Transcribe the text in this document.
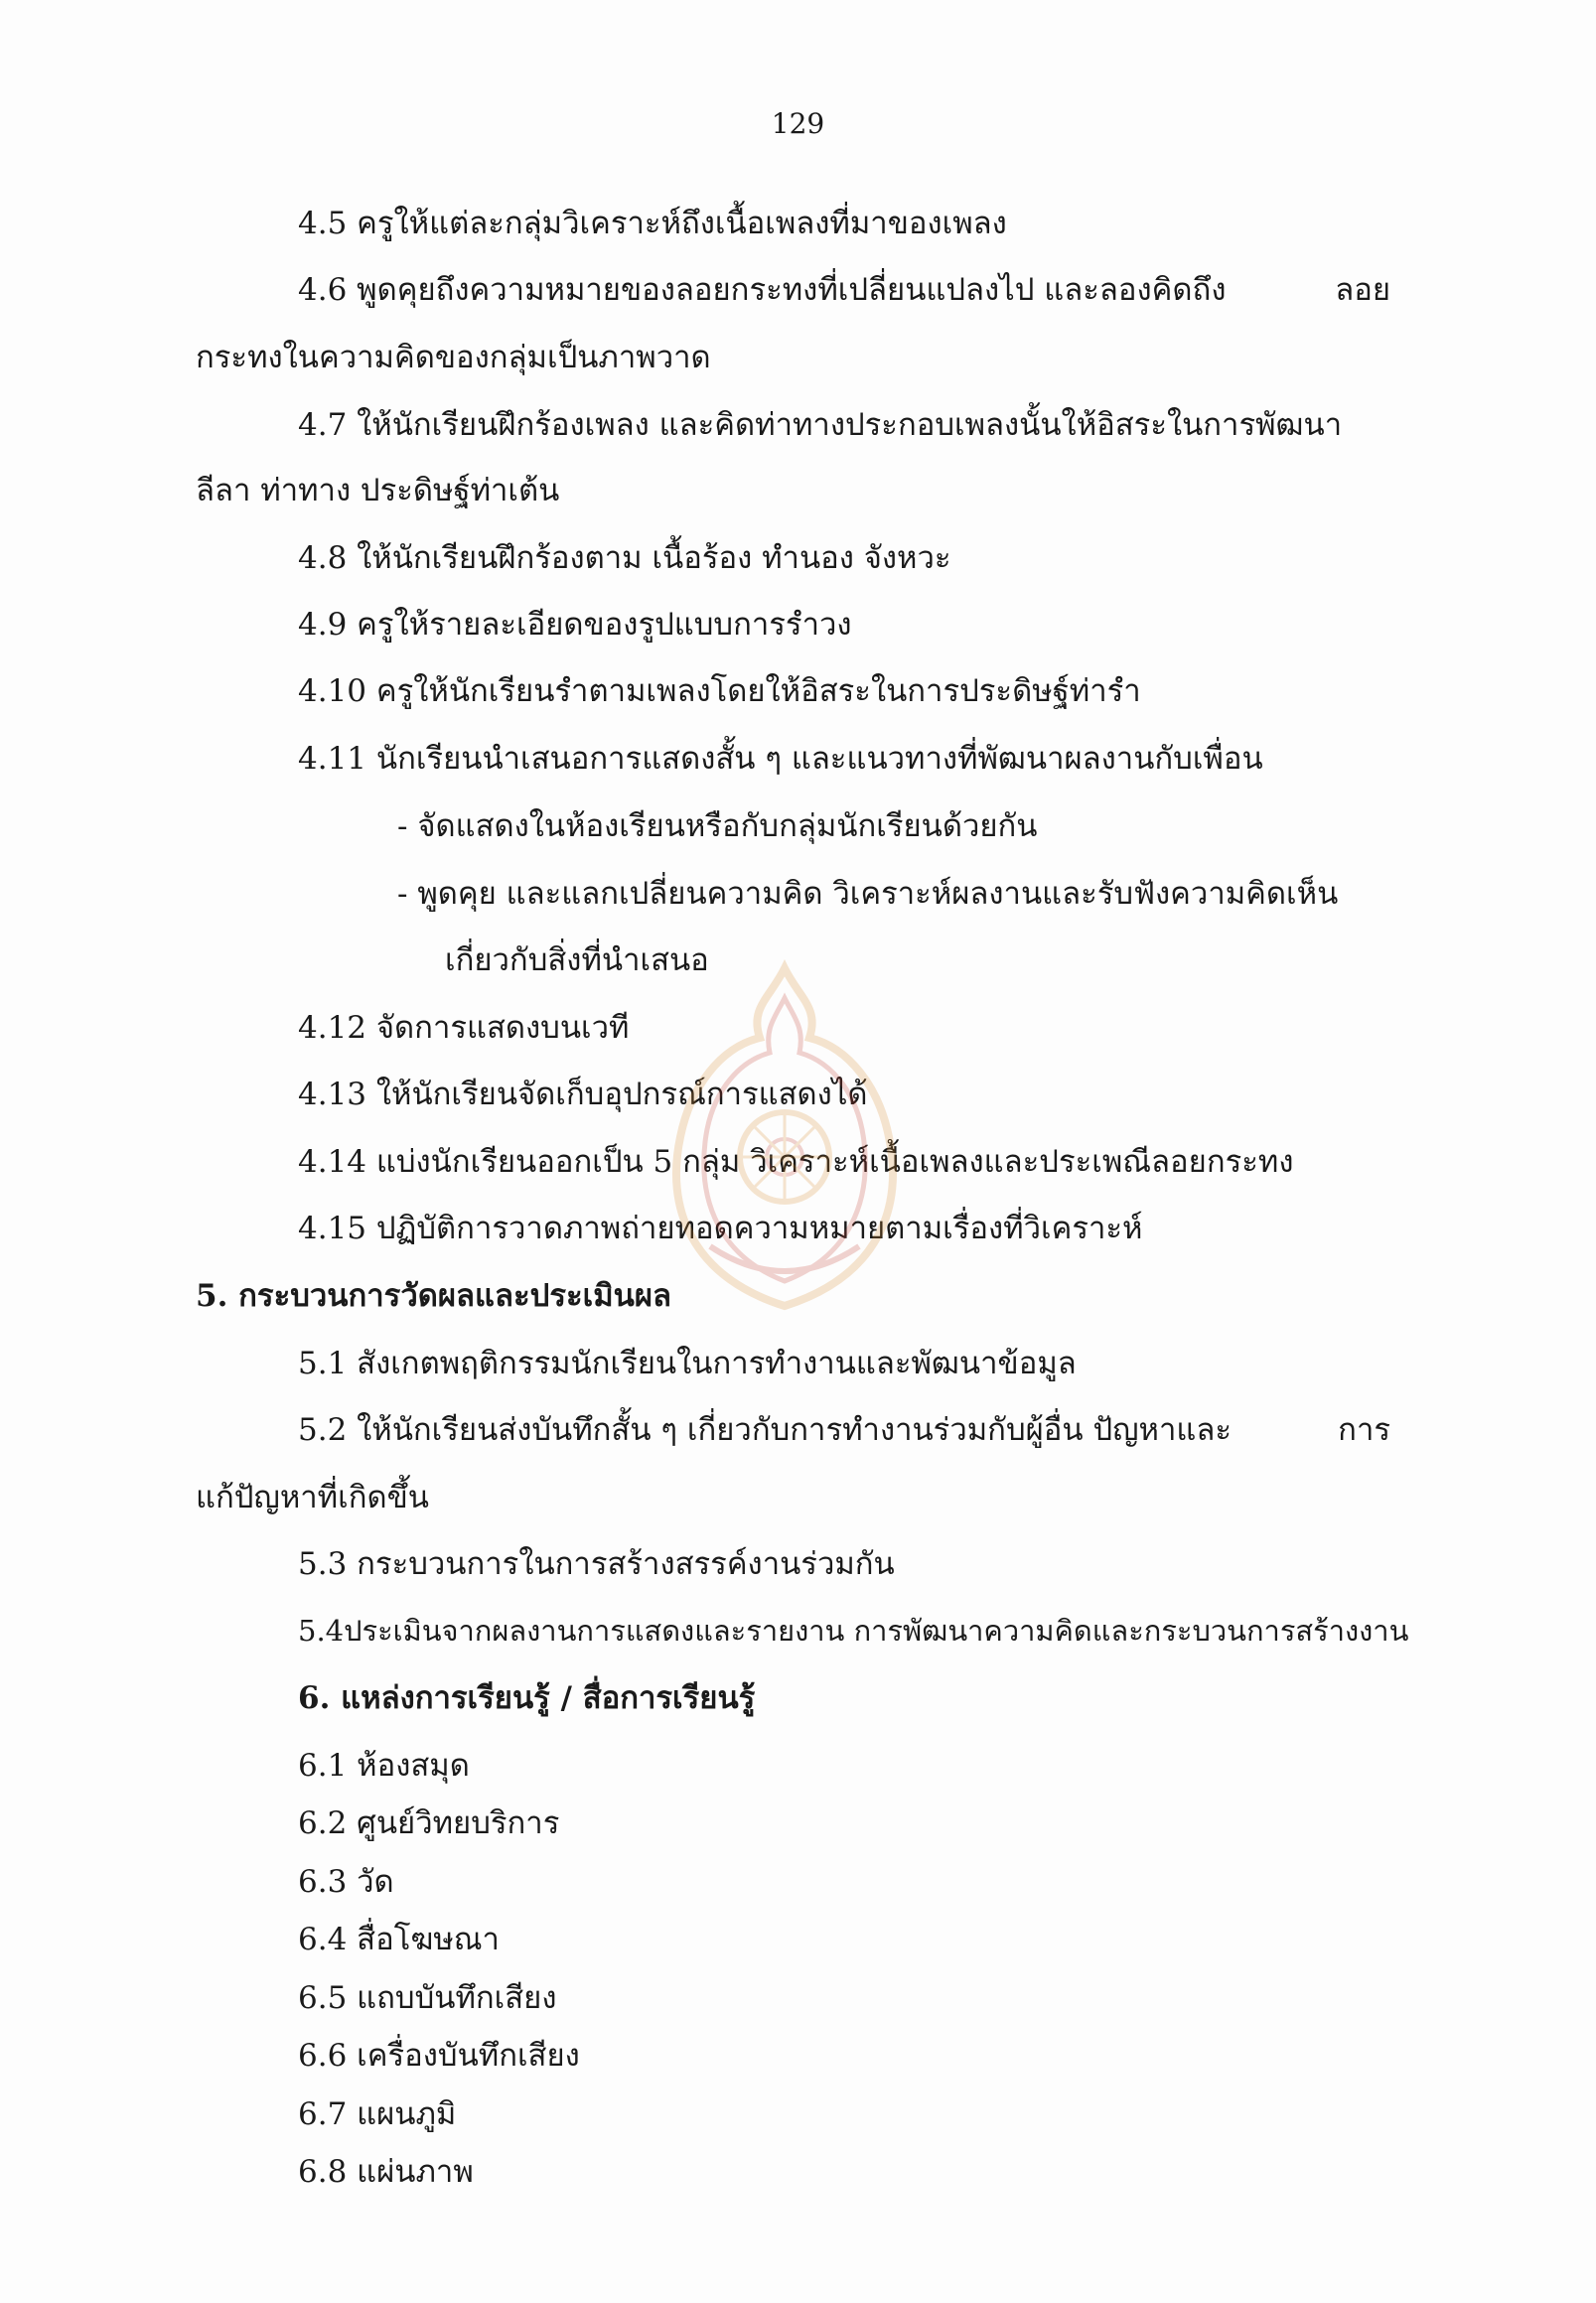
129
4.5 ครูให้แต่ละกลุ่มวิเคราะห์ถึงเนื้อเพลงที่มาของเพลง
4.6 พูดคุยถึงความหมายของลอยกระทงที่เปลี่ยนแปลงไป และลองคิดถึง	ลอย
กระทงในความคิดของกลุ่มเป็นภาพวาด
4.7 ให้นักเรียนฝึกร้องเพลง และคิดท่าทางประกอบเพลงนั้นให้อิสระในการพัฒนา
ลีลา ท่าทาง ประดิษฐ์ท่าเต้น
4.8 ให้นักเรียนฝึกร้องตาม เนื้อร้อง ทำนอง จังหวะ
4.9 ครูให้รายละเอียดของรูปแบบการรำวง
4.10 ครูให้นักเรียนรำตามเพลงโดยให้อิสระในการประดิษฐ์ท่ารำ
4.11 นักเรียนนำเสนอการแสดงสั้น ๆ และแนวทางที่พัฒนาผลงานกับเพื่อน
- จัดแสดงในห้องเรียนหรือกับกลุ่มนักเรียนด้วยกัน
- พูดคุย และแลกเปลี่ยนความคิด วิเคราะห์ผลงานและรับฟังความคิดเห็น
เกี่ยวกับสิ่งที่นำเสนอ
4.12 จัดการแสดงบนเวที
4.13 ให้นักเรียนจัดเก็บอุปกรณ์การแสดงได้
4.14 แบ่งนักเรียนออกเป็น 5 กลุ่ม วิเคราะห์เนื้อเพลงและประเพณีลอยกระทง
4.15 ปฏิบัติการวาดภาพถ่ายทอดความหมายตามเรื่องที่วิเคราะห์
5. กระบวนการวัดผลและประเมินผล
5.1 สังเกตพฤติกรรมนักเรียนในการทำงานและพัฒนาข้อมูล
5.2 ให้นักเรียนส่งบันทึกสั้น ๆ เกี่ยวกับการทำงานร่วมกับผู้อื่น ปัญหาและ	การ
แก้ปัญหาที่เกิดขึ้น
5.3 กระบวนการในการสร้างสรรค์งานร่วมกัน
5.4ประเมินจากผลงานการแสดงและรายงาน การพัฒนาความคิดและกระบวนการสร้างงาน
6. แหล่งการเรียนรู้ / สื่อการเรียนรู้
6.1 ห้องสมุด
6.2 ศูนย์วิทยบริการ
6.3 วัด
6.4 สื่อโฆษณา
6.5 แถบบันทึกเสียง
6.6 เครื่องบันทึกเสียง
6.7 แผนภูมิ
6.8 แผ่นภาพ
